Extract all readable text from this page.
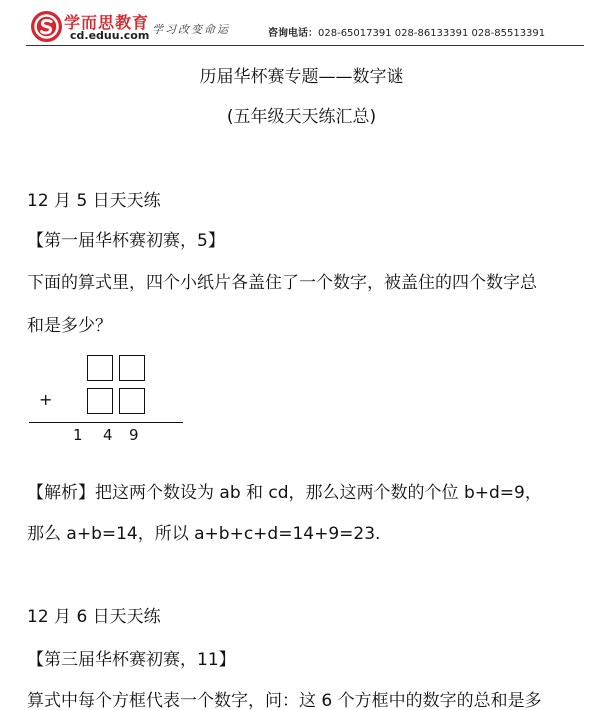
学而思教育
cd.eduu.com 学习改变命运	咨询电话：028-65017391 028-86133391 028-85513391
历届华杯赛专题——数字谜
(五年级天天练汇总)
12 月 5 日天天练
【第一届华杯赛初赛，5】
下面的算式里，四个小纸片各盖住了一个数字，被盖住的四个数字总
和是多少？
+
1 4 9
【解析】把这两个数设为 ab 和 cd，那么这两个数的个位 b+d=9，
那么 a+b=14，所以 a+b+c+d=14+9=23.
12 月 6 日天天练
【第三届华杯赛初赛，11】
算式中每个方框代表一个数字，问：这 6 个方框中的数字的总和是多
